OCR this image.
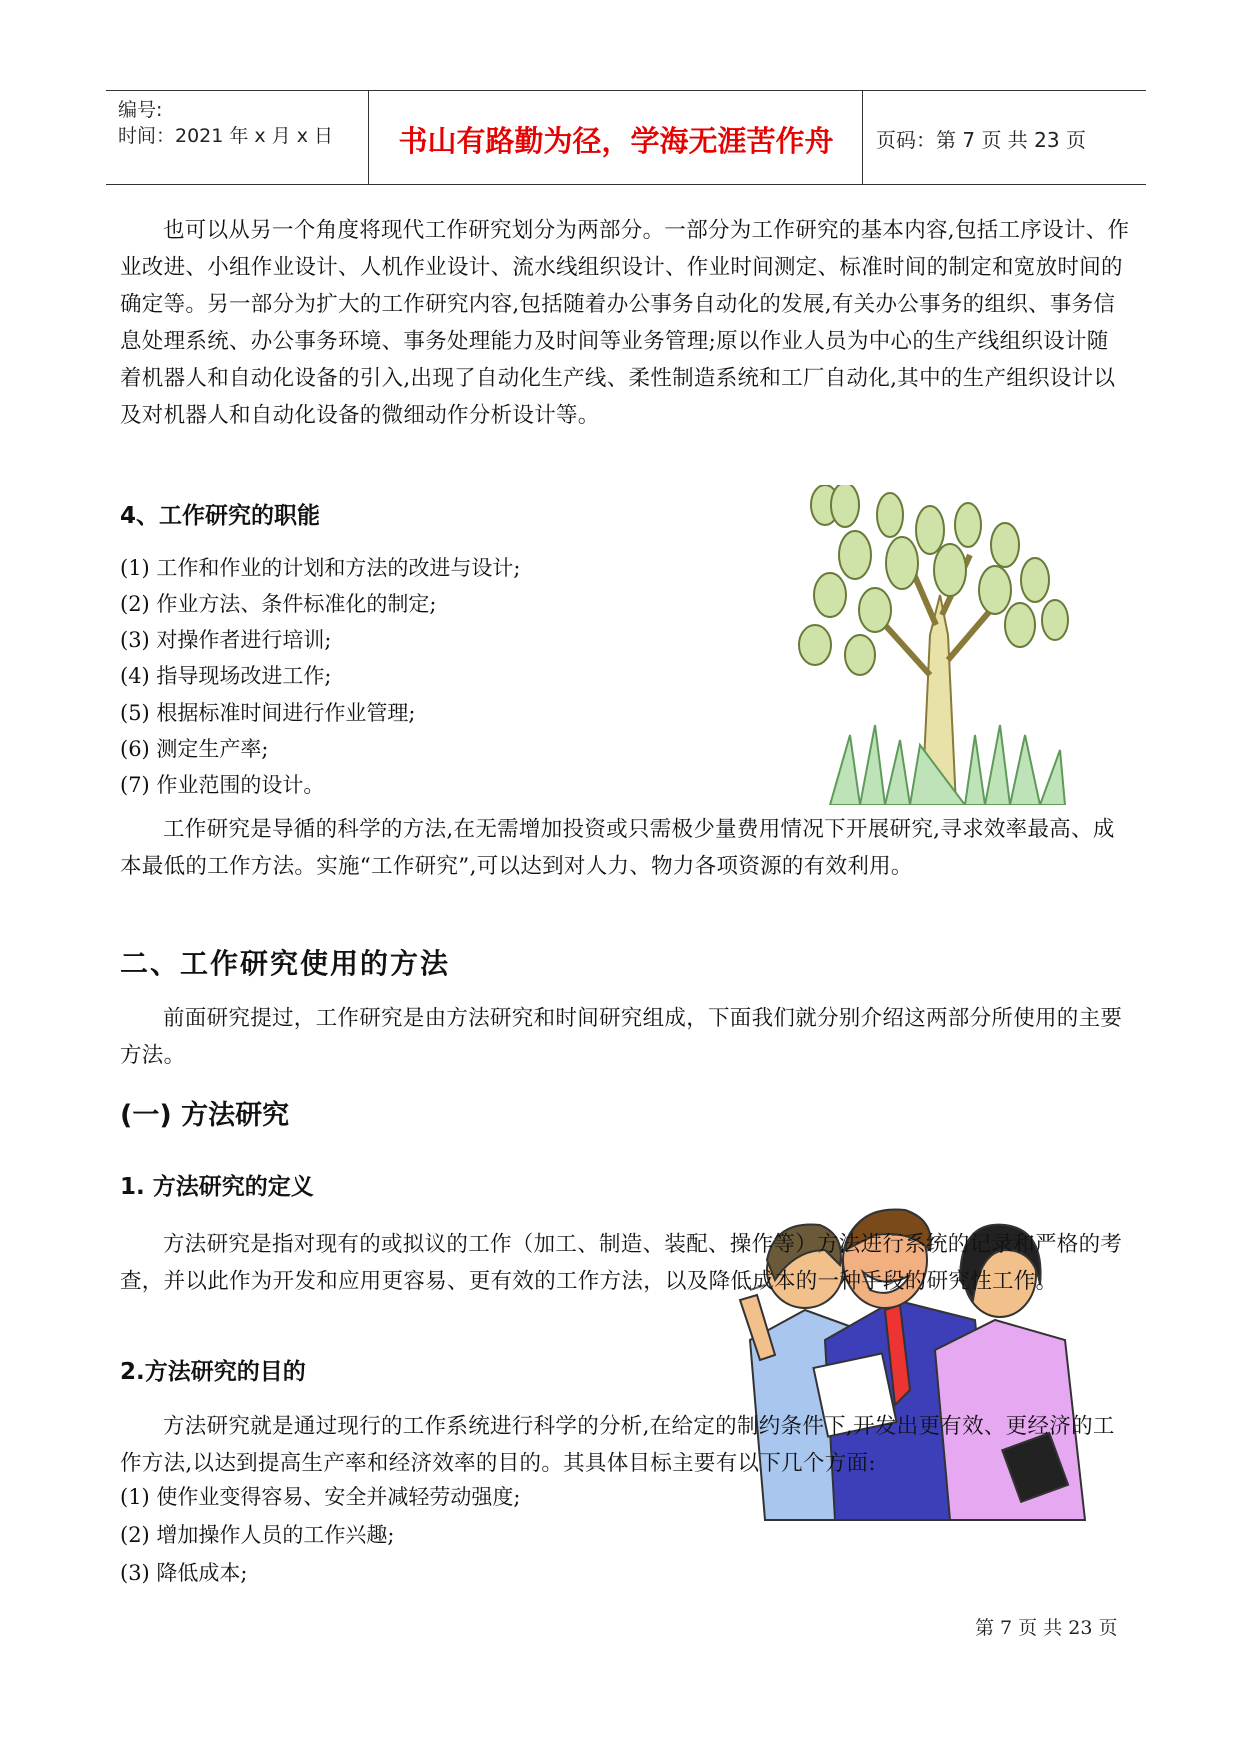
编号:
时间：2021 年 x 月 x 日	书山有路勤为径，学海无涯苦作舟	页码：第 7 页 共 23 页
也可以从另一个角度将现代工作研究划分为两部分。一部分为工作研究的基本内容,包括工序设计、作业改进、小组作业设计、人机作业设计、流水线组织设计、作业时间测定、标准时间的制定和宽放时间的确定等。另一部分为扩大的工作研究内容,包括随着办公事务自动化的发展,有关办公事务的组织、事务信息处理系统、办公事务环境、事务处理能力及时间等业务管理;原以作业人员为中心的生产线组织设计随着机器人和自动化设备的引入,出现了自动化生产线、柔性制造系统和工厂自动化,其中的生产组织设计以及对机器人和自动化设备的微细动作分析设计等。
4、工作研究的职能
(1) 工作和作业的计划和方法的改进与设计;
(2) 作业方法、条件标准化的制定;
(3) 对操作者进行培训;
(4) 指导现场改进工作;
(5) 根据标准时间进行作业管理;
(6) 测定生产率;
(7) 作业范围的设计。
工作研究是导循的科学的方法,在无需增加投资或只需极少量费用情况下开展研究,寻求效率最高、成本最低的工作方法。实施“工作研究”,可以达到对人力、物力各项资源的有效利用。
二、工作研究使用的方法
前面研究提过，工作研究是由方法研究和时间研究组成，下面我们就分别介绍这两部分所使用的主要方法。
(一) 方法研究
1. 方法研究的定义
方法研究是指对现有的或拟议的工作（加工、制造、装配、操作等）方法进行系统的记录和严格的考查，并以此作为开发和应用更容易、更有效的工作方法，以及降低成本的一种手段的研究性工作。
2.方法研究的目的
方法研究就是通过现行的工作系统进行科学的分析,在给定的制约条件下,开发出更有效、更经济的工作方法,以达到提高生产率和经济效率的目的。其具体目标主要有以下几个方面:
(1) 使作业变得容易、安全并减轻劳动强度;
(2) 增加操作人员的工作兴趣;
(3) 降低成本;
第 7 页 共 23 页
